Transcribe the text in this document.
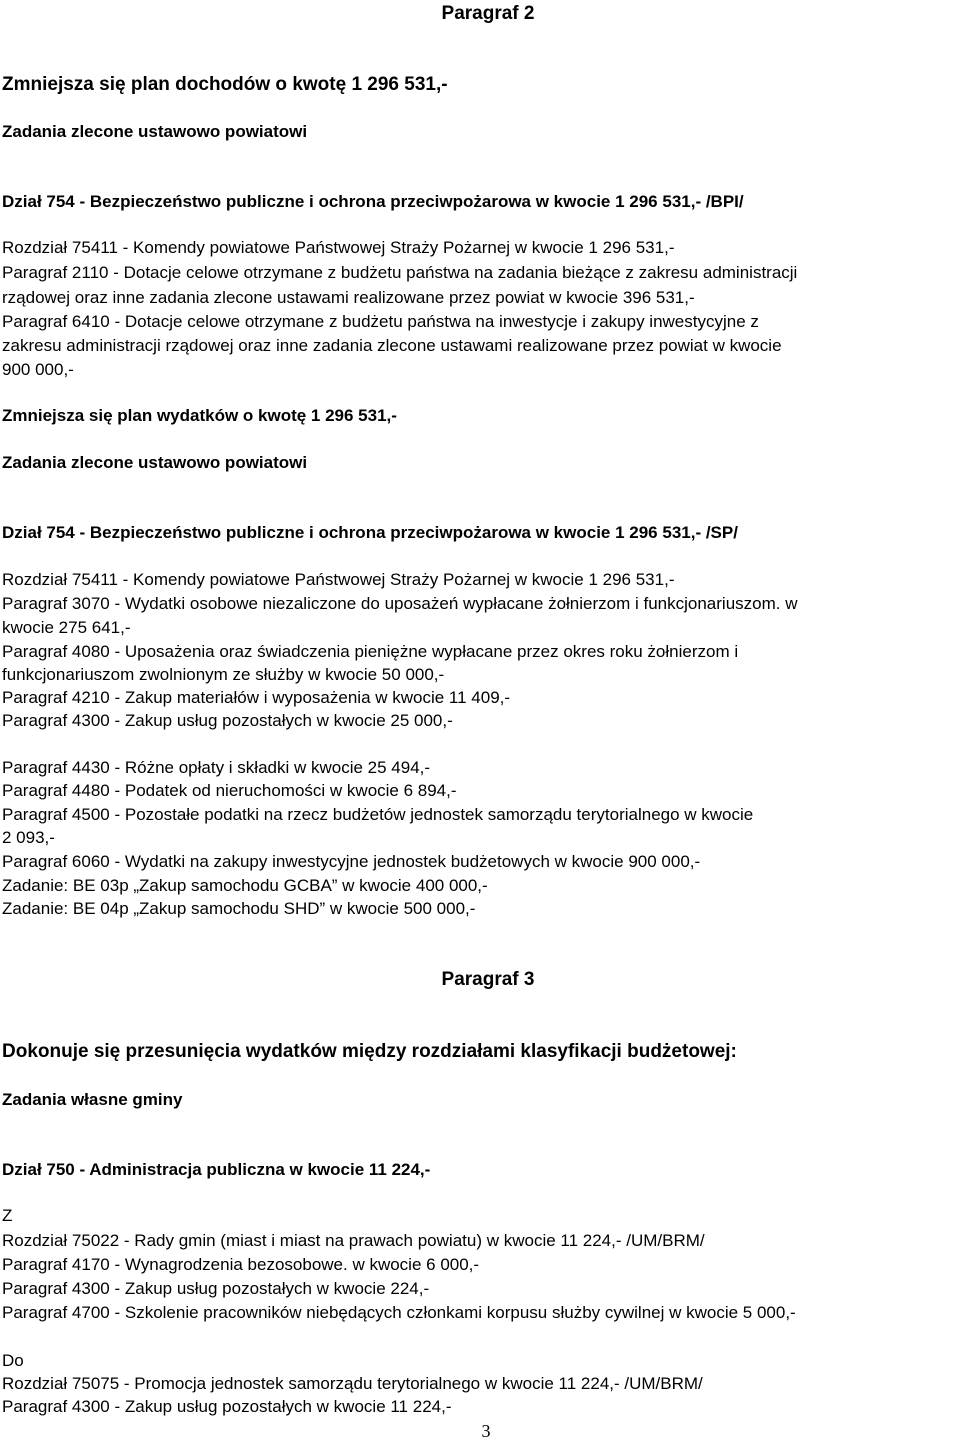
Paragraf 2
Zmniejsza się plan dochodów o kwotę 1 296 531,-
Zadania zlecone ustawowo powiatowi
Dział 754 - Bezpieczeństwo publiczne i ochrona przeciwpożarowa w kwocie 1 296 531,- /BPI/
Rozdział 75411 - Komendy powiatowe Państwowej Straży Pożarnej w kwocie 1 296 531,-
Paragraf 2110 - Dotacje celowe otrzymane z budżetu państwa na zadania bieżące z zakresu administracji
rządowej oraz inne zadania zlecone ustawami realizowane przez powiat w kwocie 396 531,-
Paragraf 6410 - Dotacje celowe otrzymane z budżetu państwa na inwestycje i zakupy inwestycyjne z
zakresu administracji rządowej oraz inne zadania zlecone ustawami realizowane przez powiat w kwocie
900 000,-
Zmniejsza się plan wydatków o kwotę 1 296 531,-
Zadania zlecone ustawowo powiatowi
Dział 754 - Bezpieczeństwo publiczne i ochrona przeciwpożarowa w kwocie 1 296 531,- /SP/
Rozdział 75411 - Komendy powiatowe Państwowej Straży Pożarnej w kwocie 1 296 531,-
Paragraf 3070 - Wydatki osobowe niezaliczone do uposażeń wypłacane żołnierzom i funkcjonariuszom. w
kwocie 275 641,-
Paragraf 4080 - Uposażenia oraz świadczenia pieniężne wypłacane przez okres roku żołnierzom i
funkcjonariuszom zwolnionym ze służby w kwocie 50 000,-
Paragraf 4210 - Zakup materiałów i wyposażenia w kwocie 11 409,-
Paragraf 4300 - Zakup usług pozostałych w kwocie 25 000,-
Paragraf 4430 - Różne opłaty i składki w kwocie 25 494,-
Paragraf 4480 - Podatek od nieruchomości w kwocie 6 894,-
Paragraf 4500 - Pozostałe podatki na rzecz budżetów jednostek samorządu terytorialnego w kwocie
2 093,-
Paragraf 6060 - Wydatki na zakupy inwestycyjne jednostek budżetowych w kwocie 900 000,-
Zadanie: BE 03p „Zakup samochodu GCBA” w kwocie 400 000,-
Zadanie: BE 04p „Zakup samochodu SHD” w kwocie 500 000,-
Paragraf 3
Dokonuje się przesunięcia wydatków między rozdziałami klasyfikacji budżetowej:
Zadania własne gminy
Dział 750 - Administracja publiczna w kwocie 11 224,-
Z
Rozdział 75022 - Rady gmin (miast i miast na prawach powiatu) w kwocie 11 224,- /UM/BRM/
Paragraf 4170 - Wynagrodzenia bezosobowe. w kwocie 6 000,-
Paragraf 4300 - Zakup usług pozostałych w kwocie 224,-
Paragraf 4700 - Szkolenie pracowników niebędących członkami korpusu służby cywilnej w kwocie 5 000,-
Do
Rozdział 75075 - Promocja jednostek samorządu terytorialnego w kwocie 11 224,- /UM/BRM/
Paragraf 4300 - Zakup usług pozostałych w kwocie 11 224,-
3
